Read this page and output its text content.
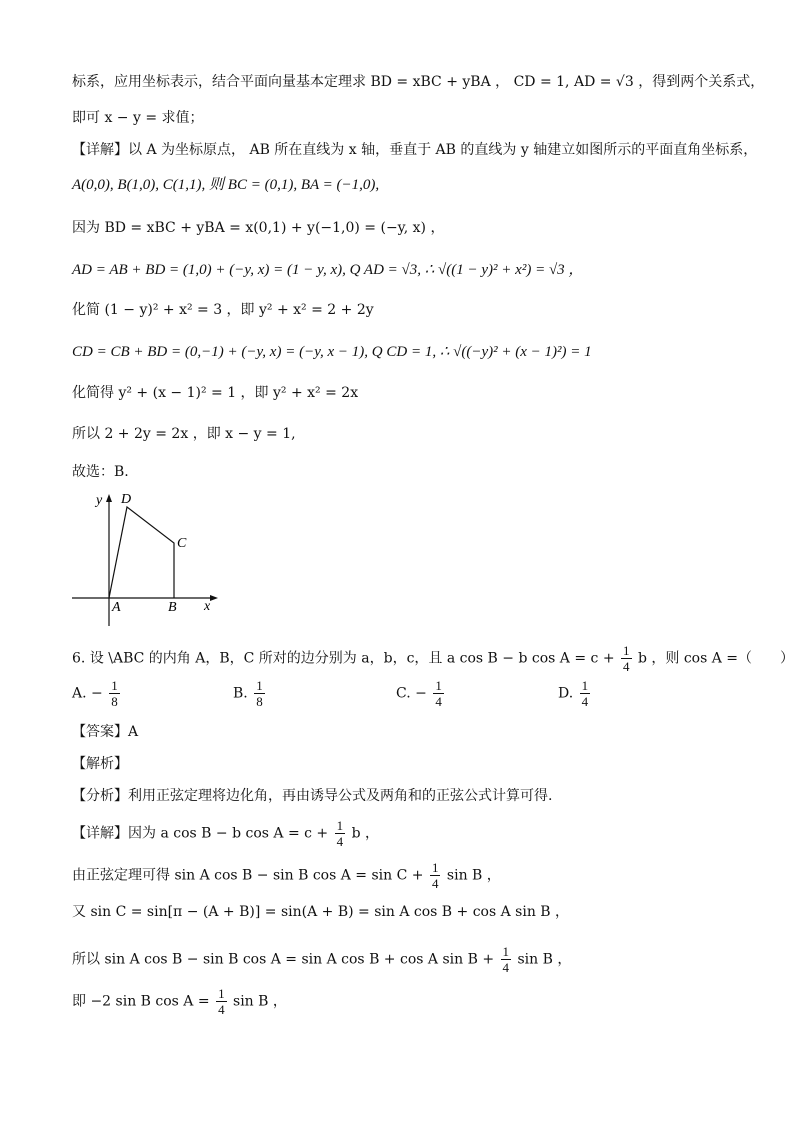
标系，应用坐标表示，结合平面向量基本定理求 BD = xBC + yBA ， CD = 1, AD = √3 ，得到两个关系式，
即可 x − y = 求值；
【详解】以 A 为坐标原点， AB 所在直线为 x 轴，垂直于 AB 的直线为 y 轴建立如图所示的平面直角坐标系，
A(0,0), B(1,0), C(1,1), 则 BC = (0,1), BA = (−1,0),
因为 BD = xBC + yBA = x(0,1) + y(−1,0) = (−y, x) ，
AD = AB + BD = (1,0) + (−y, x) = (1 − y, x), Q AD = √3, ∴ √((1 − y)² + x²) = √3 ，
化简 (1 − y)² + x² = 3 ，即 y² + x² = 2 + 2y
CD = CB + BD = (0,−1) + (−y, x) = (−y, x − 1), Q CD = 1, ∴ √((−y)² + (x − 1)²) = 1
化简得 y² + (x − 1)² = 1 ，即 y² + x² = 2x
所以 2 + 2y = 2x ，即 x − y = 1,
故选：B.
y D
C
A	B x
6. 设 \ABC 的内角 A，B，C 所对的边分别为 a，b，c，且 a cos B − b $\cos A = c + \frac{1}{4}$ b ，则 cos A =（　　）
A. − $\frac{1}{8}$	B. $\frac{1}{8}$	C. − $\frac{1}{4}$	D. $\frac{1}{4}$
【答案】A
【解析】
【分析】利用正弦定理将边化角，再由诱导公式及两角和的正弦公式计算可得.
【详解】因为 a cos B − b $\cos A = c + \frac{1}{4}$ b ，
由正弦定理可得 sin A cos B − sin B $\cos A = \sin C + \frac{1}{4}$ sin B ，
又 sin C = sin[π − (A + B)] = sin(A + B) = sin A cos B + cos A sin B ，
所以 sin A cos B − sin B cos A = sin A cos B + cos A $\sin B + \frac{1}{4}$ sin B ，
即 −2 sin B $\cos A = \frac{1}{4}$ sin B ，
